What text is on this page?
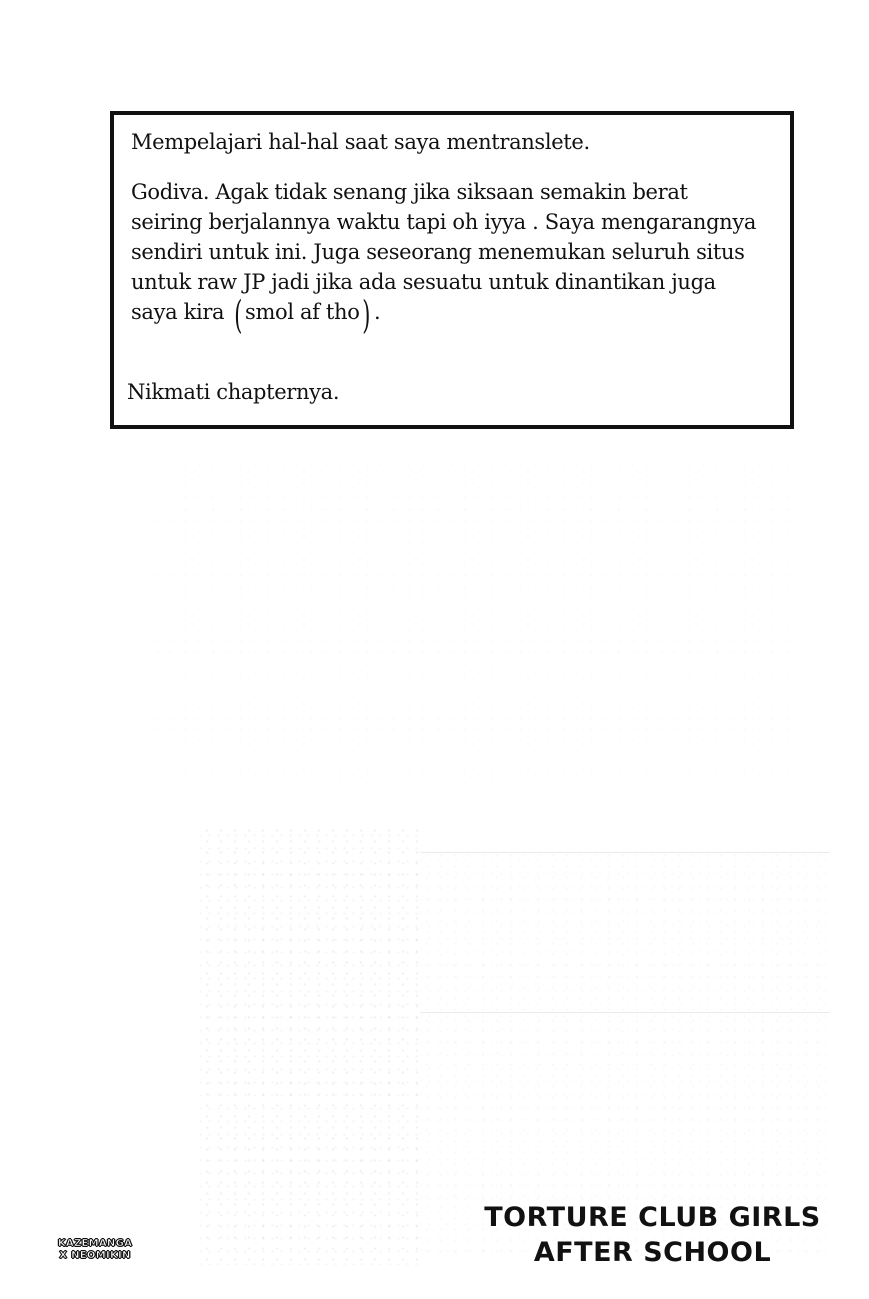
Mempelajari hal-hal saat saya mentranslete.
Godiva. Agak tidak senang jika siksaan semakin berat
seiring berjalannya waktu tapi oh iyya . Saya mengarangnya
sendiri untuk ini. Juga seseorang menemukan seluruh situs
untuk raw JP jadi jika ada sesuatu untuk dinantikan juga
saya kira ( smol af tho) .
Nikmati chapternya.
KAZEMANGA
X NEOMIKIN
TORTURE CLUB GIRLS
AFTER SCHOOL
